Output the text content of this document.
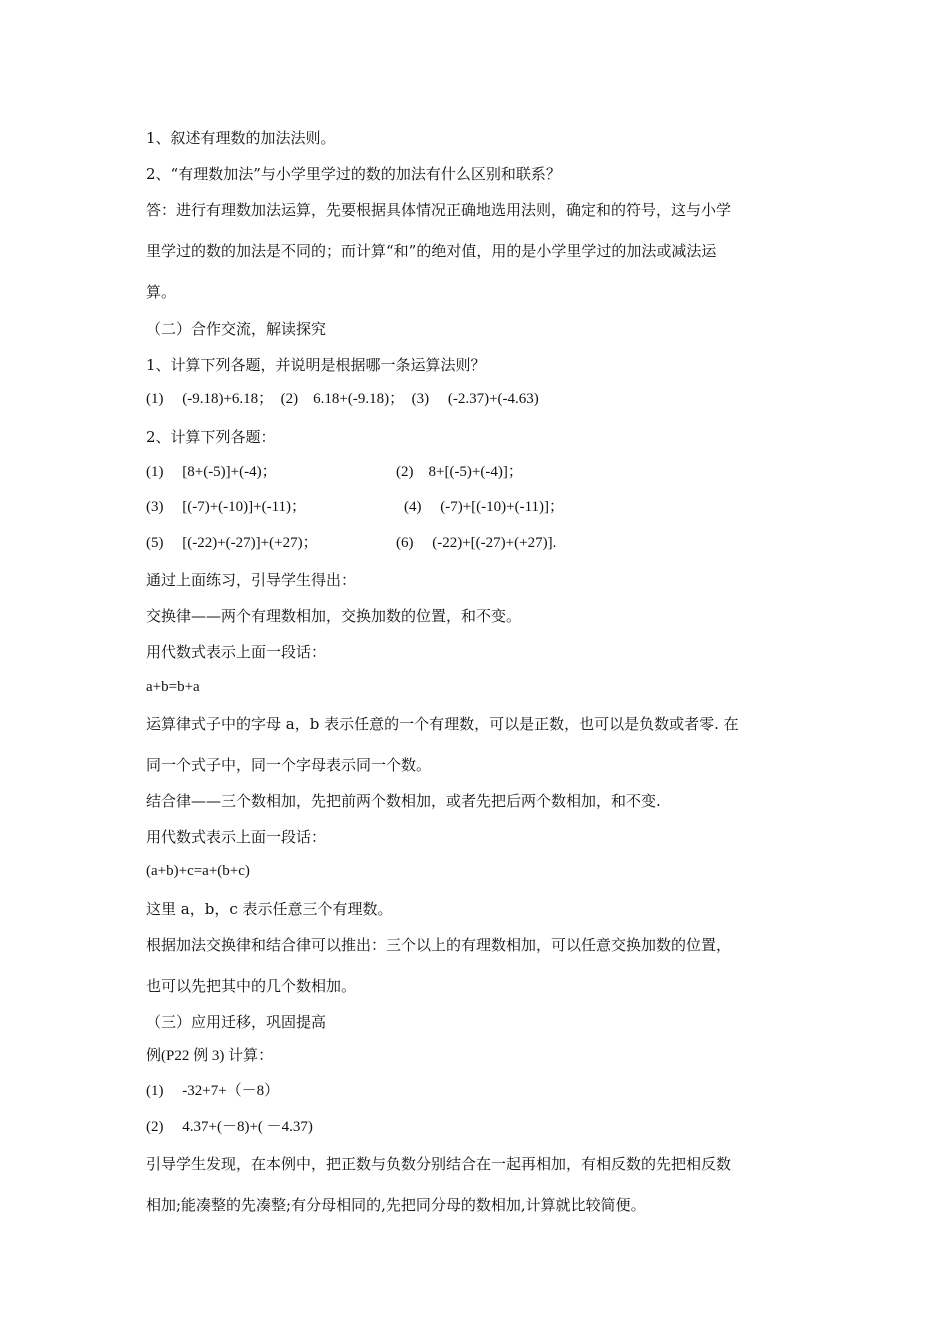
1、叙述有理数的加法法则。
2、“有理数加法”与小学里学过的数的加法有什么区别和联系？
答：进行有理数加法运算，先要根据具体情况正确地选用法则，确定和的符号，这与小学
里学过的数的加法是不同的；而计算“和”的绝对值，用的是小学里学过的加法或减法运
算。
（二）合作交流，解读探究
1、计算下列各题，并说明是根据哪一条运算法则？
(1)　 (-9.18)+6.18；　(2)　6.18+(-9.18)；　(3)　 (-2.37)+(-4.63)
2、计算下列各题：
(1)　 [8+(-5)]+(-4)；	(2)　8+[(-5)+(-4)]；
(3)　 [(-7)+(-10)]+(-11)；	(4)　 (-7)+[(-10)+(-11)]；
(5)　 [(-22)+(-27)]+(+27)；	(6)　 (-22)+[(-27)+(+27)].
通过上面练习，引导学生得出：
交换律——两个有理数相加，交换加数的位置，和不变。
用代数式表示上面一段话：
a+b=b+a
运算律式子中的字母 a，b 表示任意的一个有理数，可以是正数，也可以是负数或者零. 在
同一个式子中，同一个字母表示同一个数。
结合律——三个数相加，先把前两个数相加，或者先把后两个数相加，和不变.
用代数式表示上面一段话：
(a+b)+c=a+(b+c)
这里 a，b，c 表示任意三个有理数。
根据加法交换律和结合律可以推出：三个以上的有理数相加，可以任意交换加数的位置，
也可以先把其中的几个数相加。
（三）应用迁移，巩固提高
例(P22 例 3) 计算：
(1)　 -32+7+（－8）
(2)　 4.37+(－8)+( －4.37)
引导学生发现，在本例中，把正数与负数分别结合在一起再相加，有相反数的先把相反数
相加;能凑整的先凑整;有分母相同的,先把同分母的数相加,计算就比较简便。
